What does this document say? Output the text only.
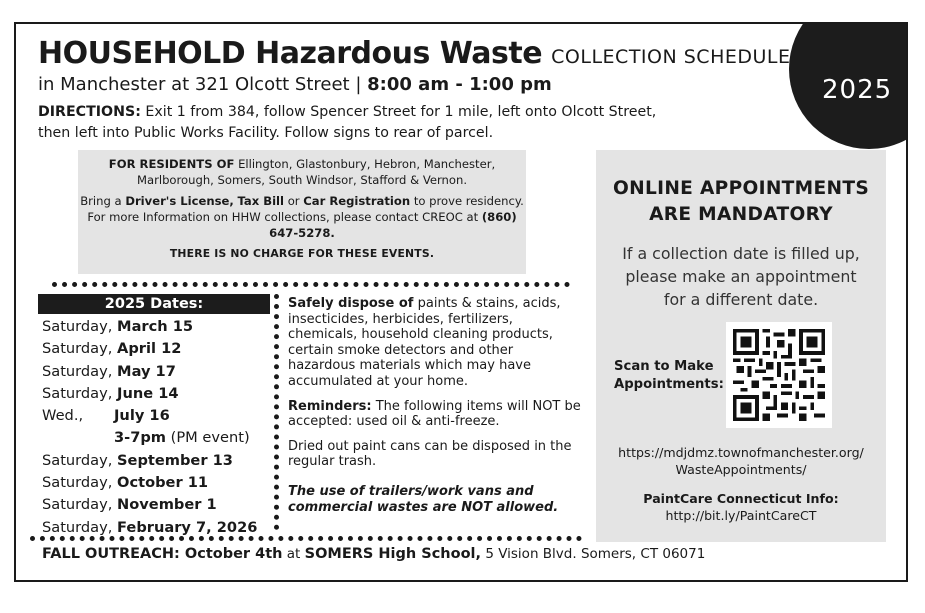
2025
HOUSEHOLD Hazardous Waste COLLECTION SCHEDULE
in Manchester at 321 Olcott Street | 8:00 am - 1:00 pm
DIRECTIONS: Exit 1 from 384, follow Spencer Street for 1 mile, left onto Olcott Street, then left into Public Works Facility. Follow signs to rear of parcel.

FOR RESIDENTS OF Ellington, Glastonbury, Hebron, Manchester, Marlborough, Somers, South Windsor, Stafford & Vernon.

Bring a Driver's License, Tax Bill or Car Registration to prove residency. For more Information on HHW collections, please contact CREOC at (860) 647-5278.

THERE IS NO CHARGE FOR THESE EVENTS.

2025 Dates:
Saturday, March 15
Saturday, April 12
Saturday, May 17
Saturday, June 14
Wed., July 16
3-7pm (PM event)
Saturday, September 13
Saturday, October 11
Saturday, November 1
Saturday, February 7, 2026

Safely dispose of paints & stains, acids, insecticides, herbicides, fertilizers, chemicals, household cleaning products, certain smoke detectors and other hazardous materials which may have accumulated at your home.

Reminders: The following items will NOT be accepted: used oil & anti-freeze.

Dried out paint cans can be disposed in the regular trash.

The use of trailers/work vans and commercial wastes are NOT allowed.

ONLINE APPOINTMENTS
ARE MANDATORY
If a collection date is filled up,
please make an appointment
for a different date.
Scan to Make Appointments:
https://mdjdmz.townofmanchester.org/
WasteAppointments/
PaintCare Connecticut Info:
http://bit.ly/PaintCareCT
FALL OUTREACH: October 4th at SOMERS High School, 5 Vision Blvd. Somers, CT 06071
